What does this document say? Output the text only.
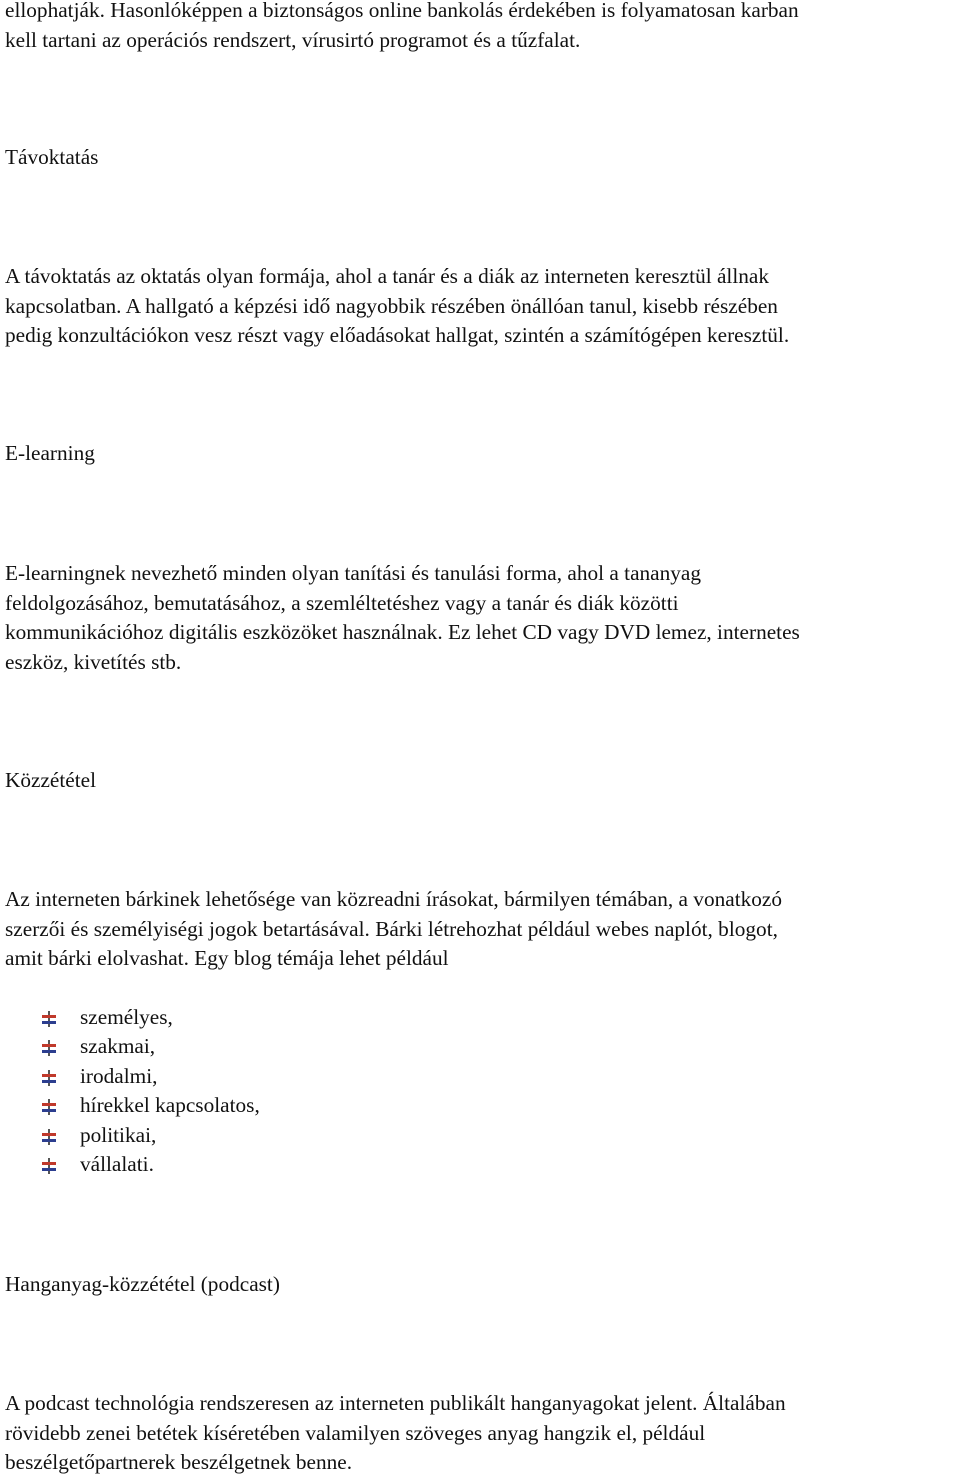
ellophatják. Hasonlóképpen a biztonságos online bankolás érdekében is folyamatosan karban
kell tartani az operációs rendszert, vírusirtó programot és a tűzfalat.

Távoktatás

A távoktatás az oktatás olyan formája, ahol a tanár és a diák az interneten keresztül állnak
kapcsolatban. A hallgató a képzési idő nagyobbik részében önállóan tanul, kisebb részében
pedig konzultációkon vesz részt vagy előadásokat hallgat, szintén a számítógépen keresztül.

E-learning

E-learningnek nevezhető minden olyan tanítási és tanulási forma, ahol a tananyag
feldolgozásához, bemutatásához, a szemléltetéshez vagy a tanár és diák közötti
kommunikációhoz digitális eszközöket használnak. Ez lehet CD vagy DVD lemez, internetes
eszköz, kivetítés stb.

Közzététel

Az interneten bárkinek lehetősége van közreadni írásokat, bármilyen témában, a vonatkozó
szerzői és személyiségi jogok betartásával. Bárki létrehozhat például webes naplót, blogot,
amit bárki elolvashat. Egy blog témája lehet például

személyes,
szakmai,
irodalmi,
hírekkel kapcsolatos,
politikai,
vállalati.
Hanganyag-közzététel (podcast)

A podcast technológia rendszeresen az interneten publikált hanganyagokat jelent. Általában
rövidebb zenei betétek kíséretében valamilyen szöveges anyag hangzik el, például
beszélgetőpartnerek beszélgetnek benne.
